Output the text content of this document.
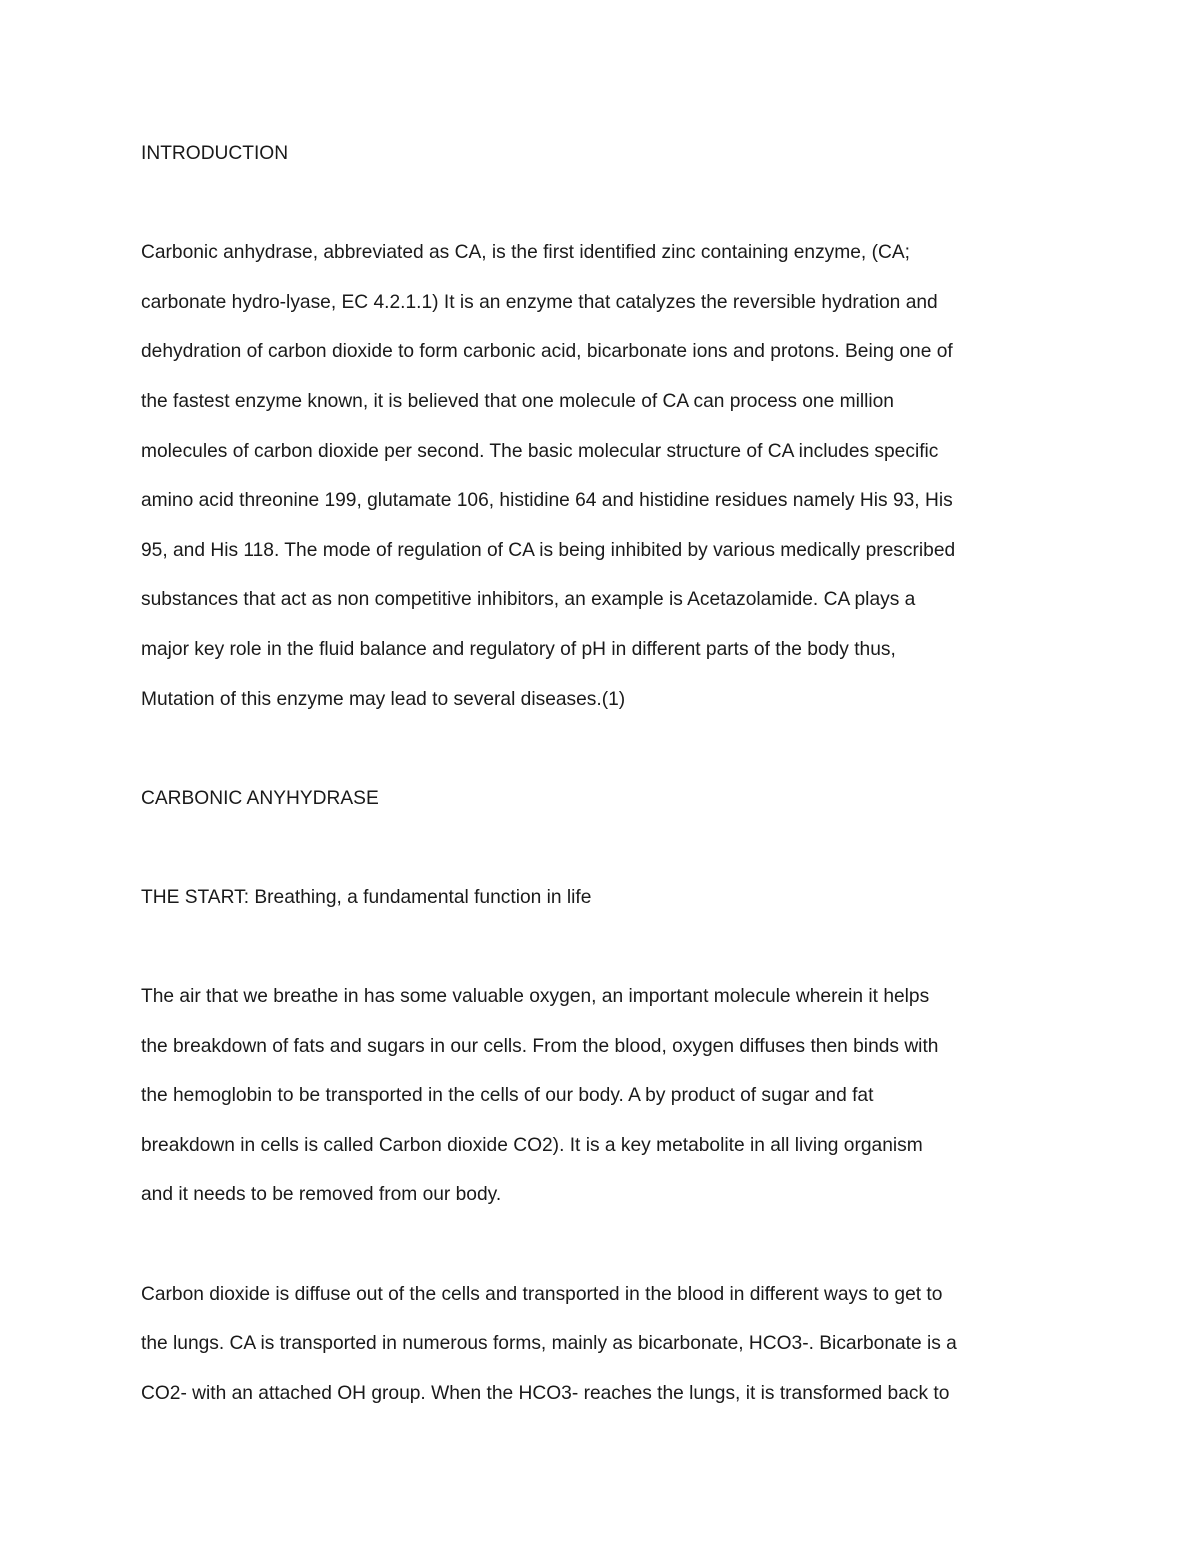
INTRODUCTION
Carbonic anhydrase, abbreviated as CA, is the first identified zinc containing enzyme, (CA;
carbonate hydro-lyase, EC 4.2.1.1) It is an enzyme that catalyzes the reversible hydration and
dehydration of carbon dioxide to form carbonic acid, bicarbonate ions and protons. Being one of
the fastest enzyme known, it is believed that one molecule of CA can process one million
molecules of carbon dioxide per second. The basic molecular structure of CA includes specific
amino acid threonine 199, glutamate 106, histidine 64 and histidine residues namely His 93, His
95, and His 118. The mode of regulation of CA is being inhibited by various medically prescribed
substances that act as non competitive inhibitors, an example is Acetazolamide. CA plays a
major key role in the fluid balance and regulatory of pH in different parts of the body thus,
Mutation of this enzyme may lead to several diseases.(1)
CARBONIC ANYHYDRASE
THE START: Breathing, a fundamental function in life
The air that we breathe in has some valuable oxygen, an important molecule wherein it helps
the breakdown of fats and sugars in our cells. From the blood, oxygen diffuses then binds with
the hemoglobin to be transported in the cells of our body. A by product of sugar and fat
breakdown in cells is called Carbon dioxide CO2). It is a key metabolite in all living organism
and it needs to be removed from our body.
Carbon dioxide is diffuse out of the cells and transported in the blood in different ways to get to
the lungs. CA is transported in numerous forms, mainly as bicarbonate, HCO3-. Bicarbonate is a
CO2- with an attached OH group. When the HCO3- reaches the lungs, it is transformed back to
